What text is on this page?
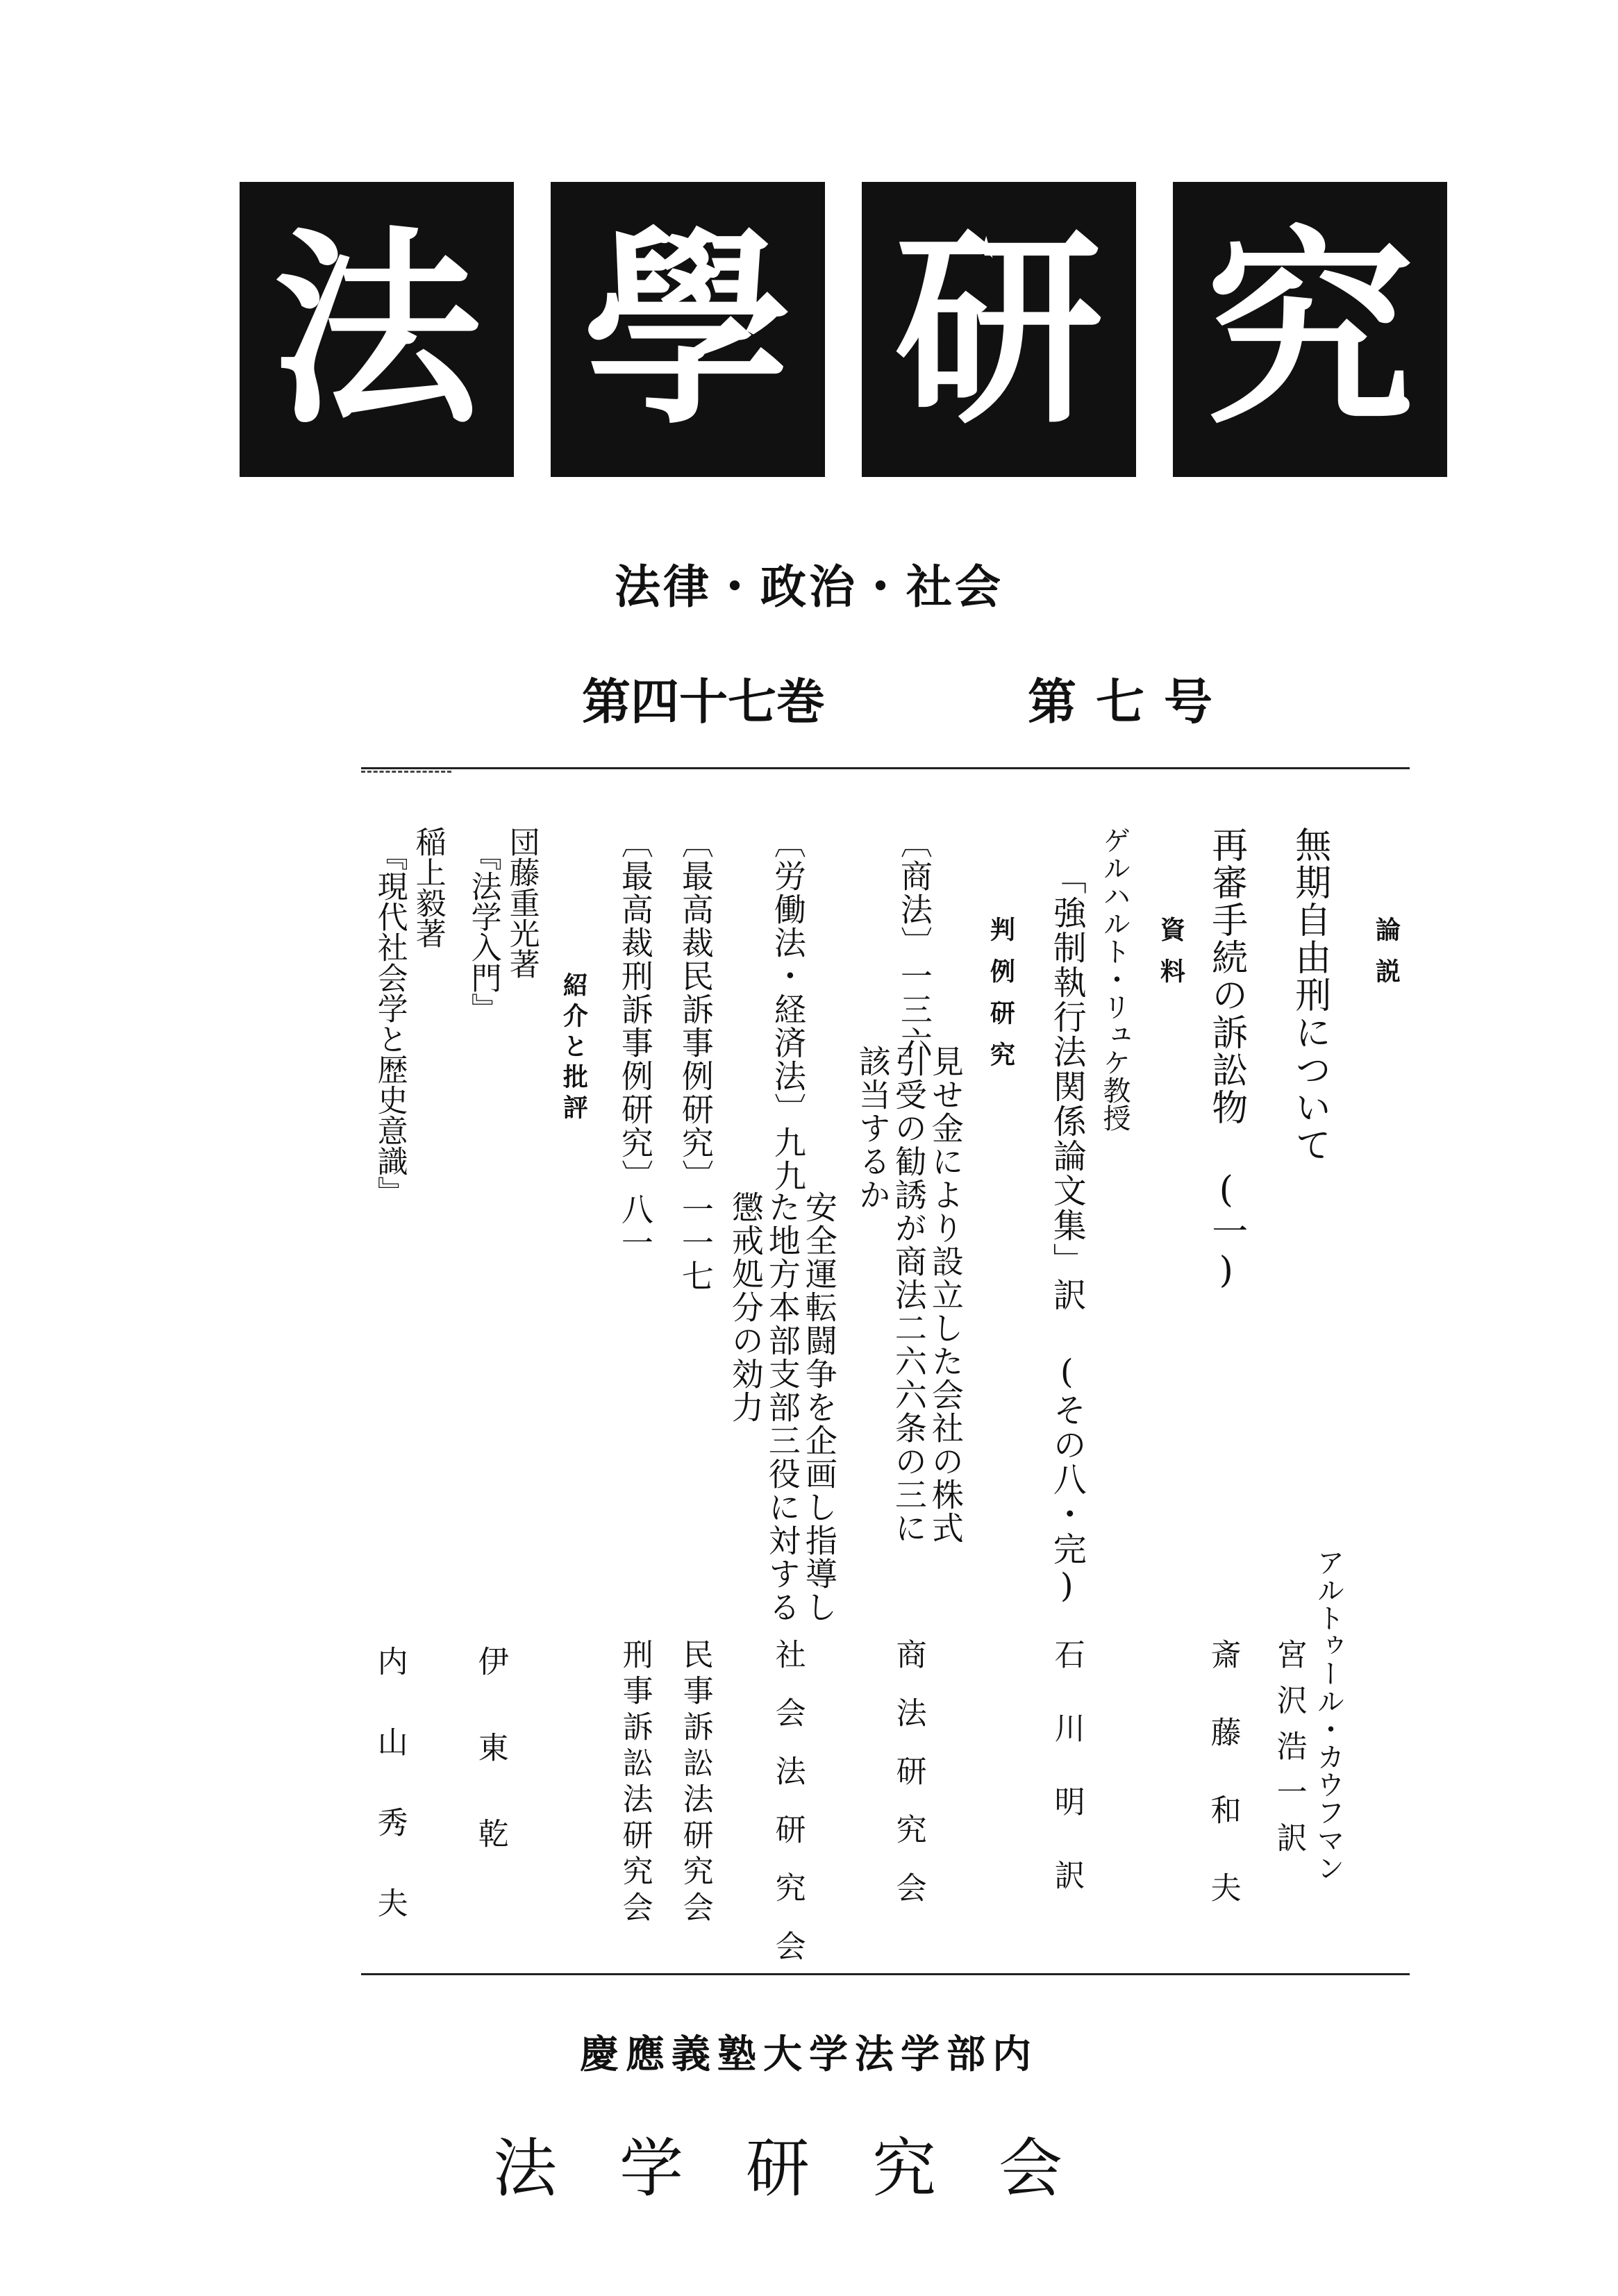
法 學 研 究
法律・政治・社会
第四十七巻	第七号
論説
無期自由刑について
アルトゥール・カウフマン
宮沢浩一訳
再審手続の訴訟物 (一)
斎藤和夫
資料
ゲルハルト・リュケ教授
「強制執行法関係論文集」訳 (その八・完)
石川明訳
判例研究
〔商法〕一三六
見せ金により設立した会社の株式
引受の勧誘が商法二六六条の三に
該当するか
商法研究会
〔労働法・経済法〕九九
安全運転闘争を企画し指導し
た地方本部支部三役に対する
懲戒処分の効力
社会法研究会
〔最高裁民訴事例研究〕一一七
民事訴訟法研究会
〔最高裁刑訴事例研究〕八一
刑事訴訟法研究会
紹介と批評
団藤重光著
『法学入門』
伊東乾
稲上毅著
『現代社会学と歴史意識』
内山秀夫
慶應義塾大学法学部内
法学研究会
